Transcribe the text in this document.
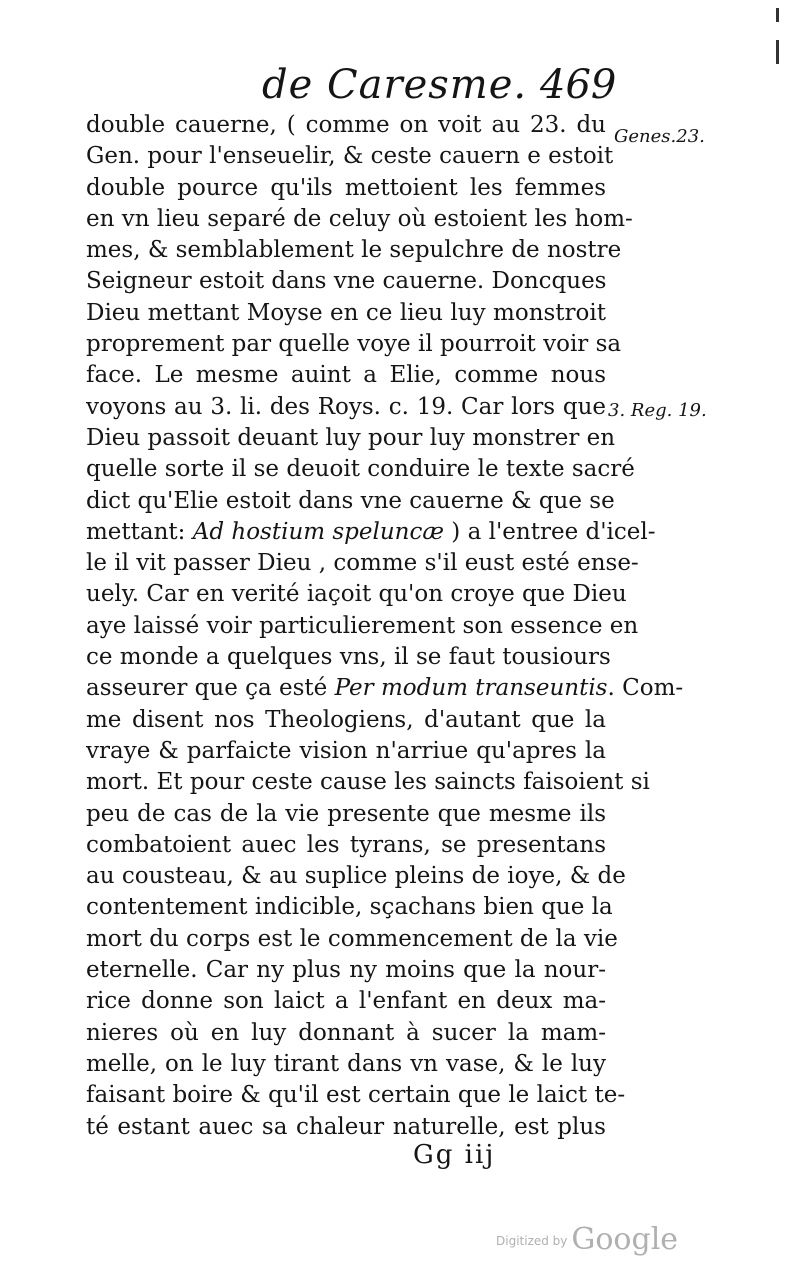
de Caresme. 469
double cauerne, ( comme on voit au 23. du
Gen. pour l'enseuelir, & ceste cauern e estoit
double pource qu'ils mettoient les femmes
en vn lieu separé de celuy où estoient les hom-
mes, & semblablement le sepulchre de nostre
Seigneur estoit dans vne cauerne. Doncques
Dieu mettant Moyse en ce lieu luy monstroit
proprement par quelle voye il pourroit voir sa
face. Le mesme auint a Elie, comme nous
voyons au 3. li. des Roys. c. 19. Car lors que
Dieu passoit deuant luy pour luy monstrer en
quelle sorte il se deuoit conduire le texte sacré
dict qu'Elie estoit dans vne cauerne & que se
mettant: Ad hostium speluncæ ) a l'entree d'icel-
le il vit passer Dieu , comme s'il eust esté ense-
uely. Car en verité iaçoit qu'on croye que Dieu
aye laissé voir particulierement son essence en
ce monde a quelques vns, il se faut tousiours
asseurer que ça esté Per modum transeuntis. Com-
me disent nos Theologiens, d'autant que la
vraye & parfaicte vision n'arriue qu'apres la
mort. Et pour ceste cause les saincts faisoient si
peu de cas de la vie presente que mesme ils
combatoient auec les tyrans, se presentans
au cousteau, & au suplice pleins de ioye, & de
contentement indicible, sçachans bien que la
mort du corps est le commencement de la vie
eternelle. Car ny plus ny moins que la nour-
rice donne son laict a l'enfant en deux ma-
nieres où en luy donnant à sucer la mam-
melle, on le luy tirant dans vn vase, & le luy
faisant boire & qu'il est certain que le laict te-
té estant auec sa chaleur naturelle, est plus
Genes.23.
3. Reg. 19.
Gg iij
$^{Digitized by}$ Google
